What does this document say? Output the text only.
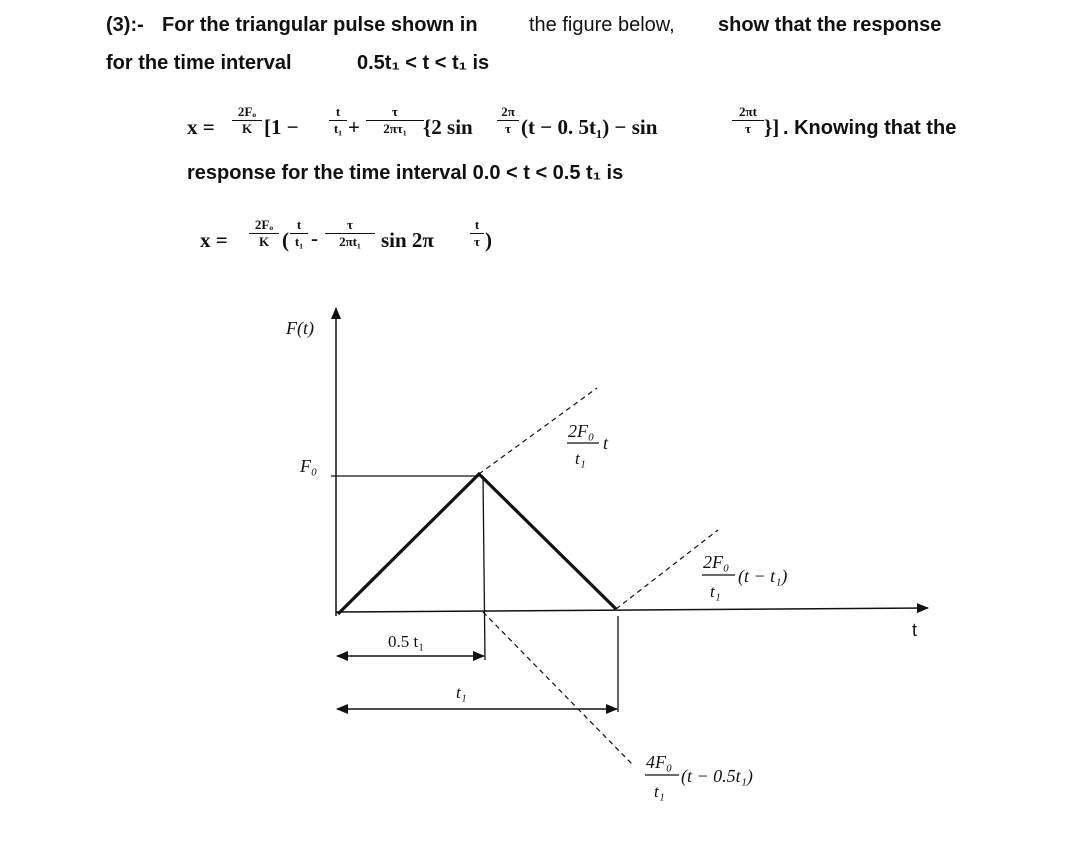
(3):- For the triangular pulse shown in	the figure below, show that the response
for the time interval	0.5t₁ < t < t₁ is
x =
2Fₒ
K [1 −
t
t₁ +
τ
2πτ₁ {2 sin
2π
τ (t − 0. 5t₁) − sin
2πt
τ }] . Knowing that the
response for the time interval 0.0 < t < 0.5 t₁ is
x =
2Fₒ
K (
t
t₁ -
τ
2πt₁ sin 2π
t
τ )
F(t)
t
F₀
0.5 t₁
t₁
2F₀
t₁
t
2F₀
t₁
(t − t₁)
4F₀
t₁
(t − 0.5t₁)
